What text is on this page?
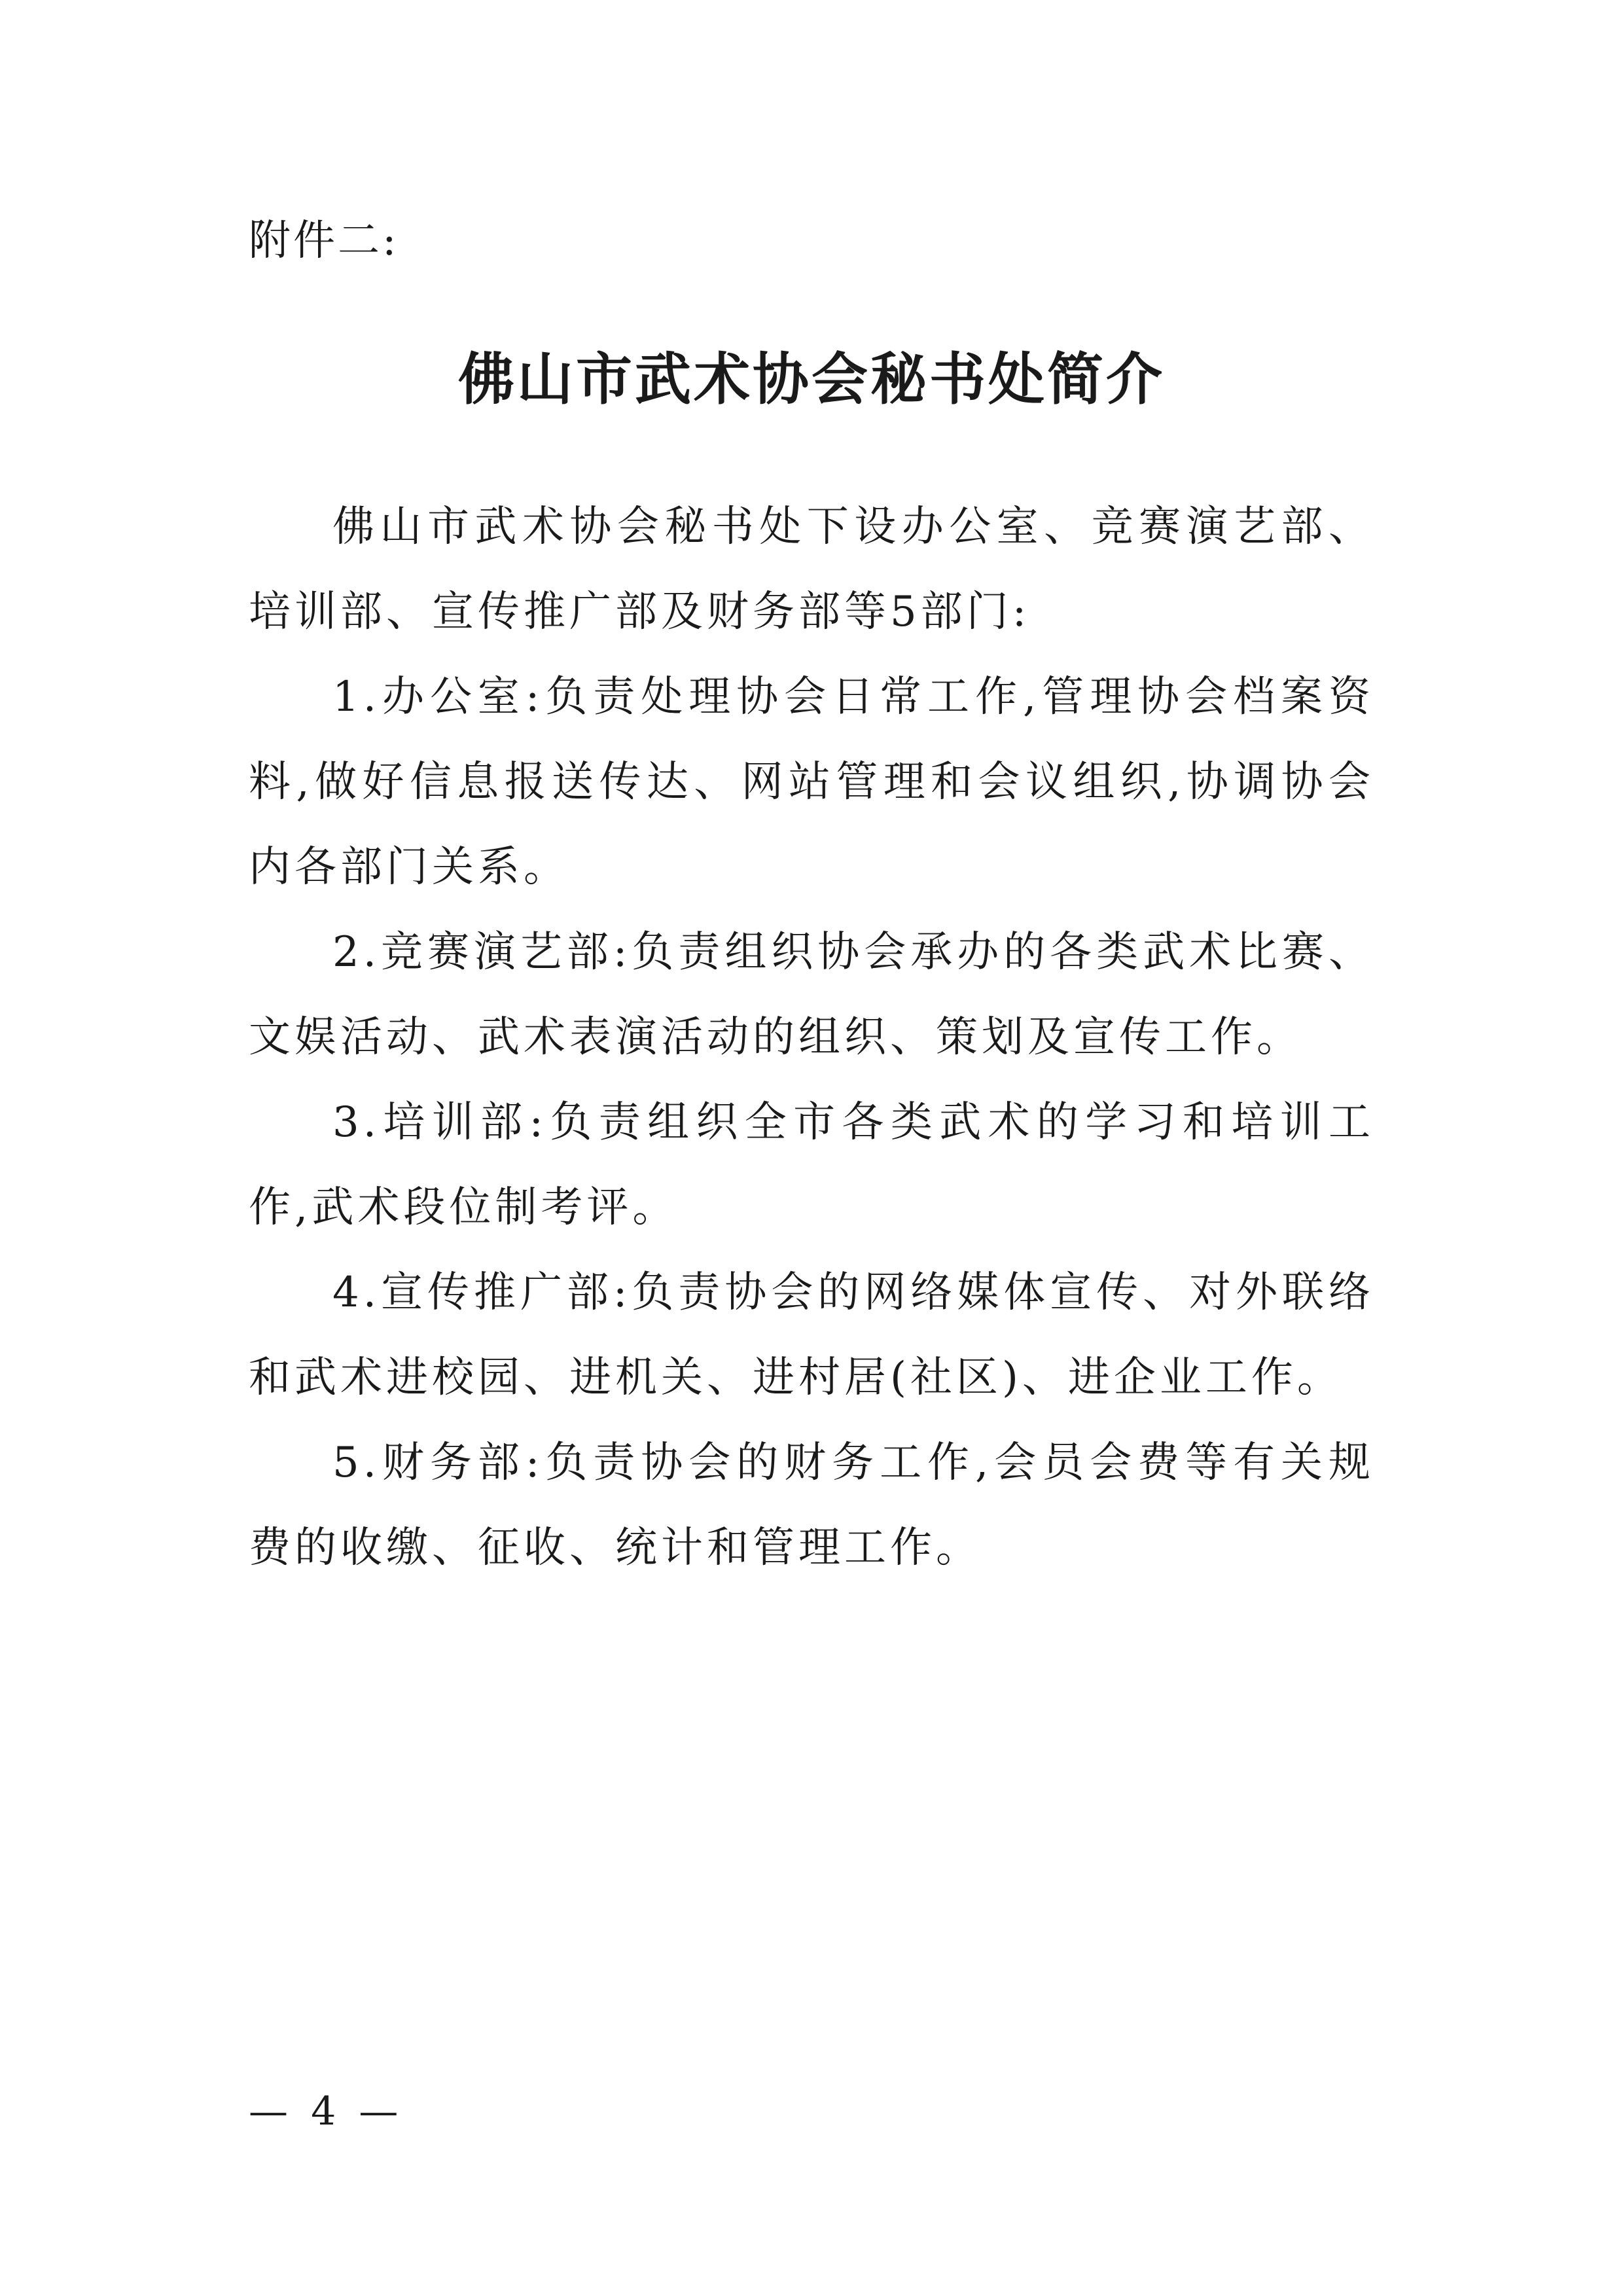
附件二:
佛山市武术协会秘书处简介

佛山市武术协会秘书处下设办公室、竞赛演艺部、培训部、宣传推广部及财务部等5部门:

1.办公室:负责处理协会日常工作,管理协会档案资料,做好信息报送传达、网站管理和会议组织,协调协会内各部门关系。

2.竞赛演艺部:负责组织协会承办的各类武术比赛、文娱活动、武术表演活动的组织、策划及宣传工作。

3.培训部:负责组织全市各类武术的学习和培训工作,武术段位制考评。

4.宣传推广部:负责协会的网络媒体宣传、对外联络和武术进校园、进机关、进村居(社区)、进企业工作。

5.财务部:负责协会的财务工作,会员会费等有关规费的收缴、征收、统计和管理工作。

— 4 —
